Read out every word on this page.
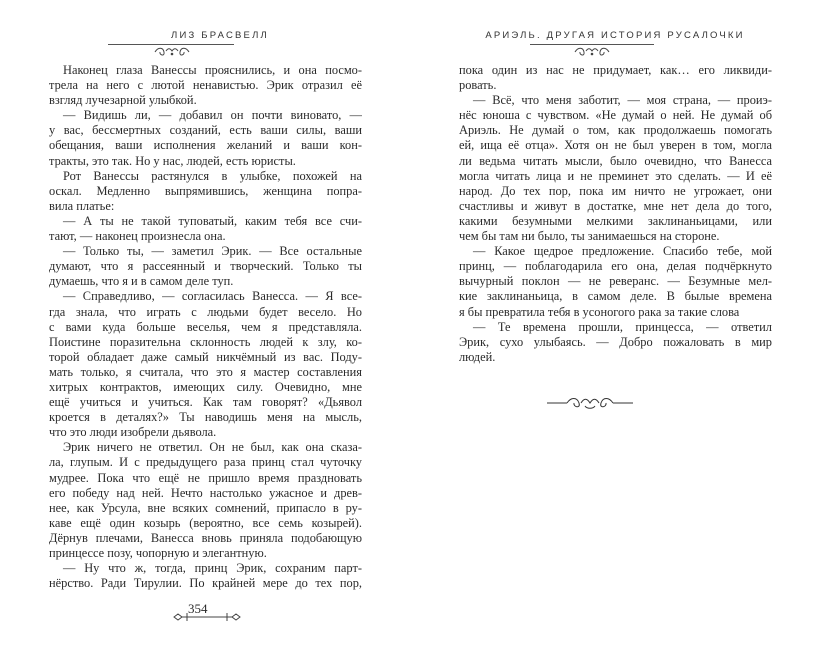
ЛИЗ БРАСВЕЛЛ
Наконец глаза Ванессы прояснились, и она посмо-
трела на него с лютой ненавистью. Эрик отразил её
взгляд лучезарной улыбкой.
— Видишь ли, — добавил он почти виновато, —
у вас, бессмертных созданий, есть ваши силы, ваши
обещания, ваши исполнения желаний и ваши кон-
тракты, это так. Но у нас, людей, есть юристы.
Рот Ванессы растянулся в улыбке, похожей на
оскал. Медленно выпрямившись, женщина попра-
вила платье:
— А ты не такой туповатый, каким тебя все счи-
тают, — наконец произнесла она.
— Только ты, — заметил Эрик. — Все остальные
думают, что я рассеянный и творческий. Только ты
думаешь, что я и в самом деле туп.
— Справедливо, — согласилась Ванесса. — Я все-
гда знала, что играть с людьми будет весело. Но
с вами куда больше веселья, чем я представляла.
Поистине поразительна склонность людей к злу, ко-
торой обладает даже самый никчёмный из вас. Поду-
мать только, я считала, что это я мастер составления
хитрых контрактов, имеющих силу. Очевидно, мне
ещё учиться и учиться. Как там говорят? «Дьявол
кроется в деталях?» Ты наводишь меня на мысль,
что это люди изобрели дьявола.
Эрик ничего не ответил. Он не был, как она сказа-
ла, глупым. И с предыдущего раза принц стал чуточку
мудрее. Пока что ещё не пришло время праздновать
его победу над ней. Нечто настолько ужасное и древ-
нее, как Урсула, вне всяких сомнений, припасло в ру-
каве ещё один козырь (вероятно, все семь козырей).
Дёрнув плечами, Ванесса вновь приняла подобающую
принцессе позу, чопорную и элегантную.
— Ну что ж, тогда, принц Эрик, сохраним парт-
нёрство. Ради Тирулии. По крайней мере до тех пор,
354
АРИЭЛЬ. ДРУГАЯ ИСТОРИЯ РУСАЛОЧКИ
пока один из нас не придумает, как… его ликвиди-
ровать.
— Всё, что меня заботит, — моя страна, — проиэ-
нёс юноша с чувством. «Не думай о ней. Не думай об
Ариэль. Не думай о том, как продолжаешь помогать
ей, ища её отца». Хотя он не был уверен в том, могла
ли ведьма читать мысли, было очевидно, что Ванесса
могла читать лица и не преминет это сделать. — И её
народ. До тех пор, пока им ничто не угрожает, они
счастливы и живут в достатке, мне нет дела до того,
какими безумными мелкими заклинаньицами, или
чем бы там ни было, ты занимаешься на стороне.
— Какое щедрое предложение. Спасибо тебе, мой
принц, — поблагодарила его она, делая подчёркнуто
вычурный поклон — не реверанс. — Безумные мел-
кие заклинаньица, в самом деле. В былые времена
я бы превратила тебя в усоногого рака за такие слова
— Те времена прошли, принцесса, — ответил
Эрик, сухо улыбаясь. — Добро пожаловать в мир
людей.
